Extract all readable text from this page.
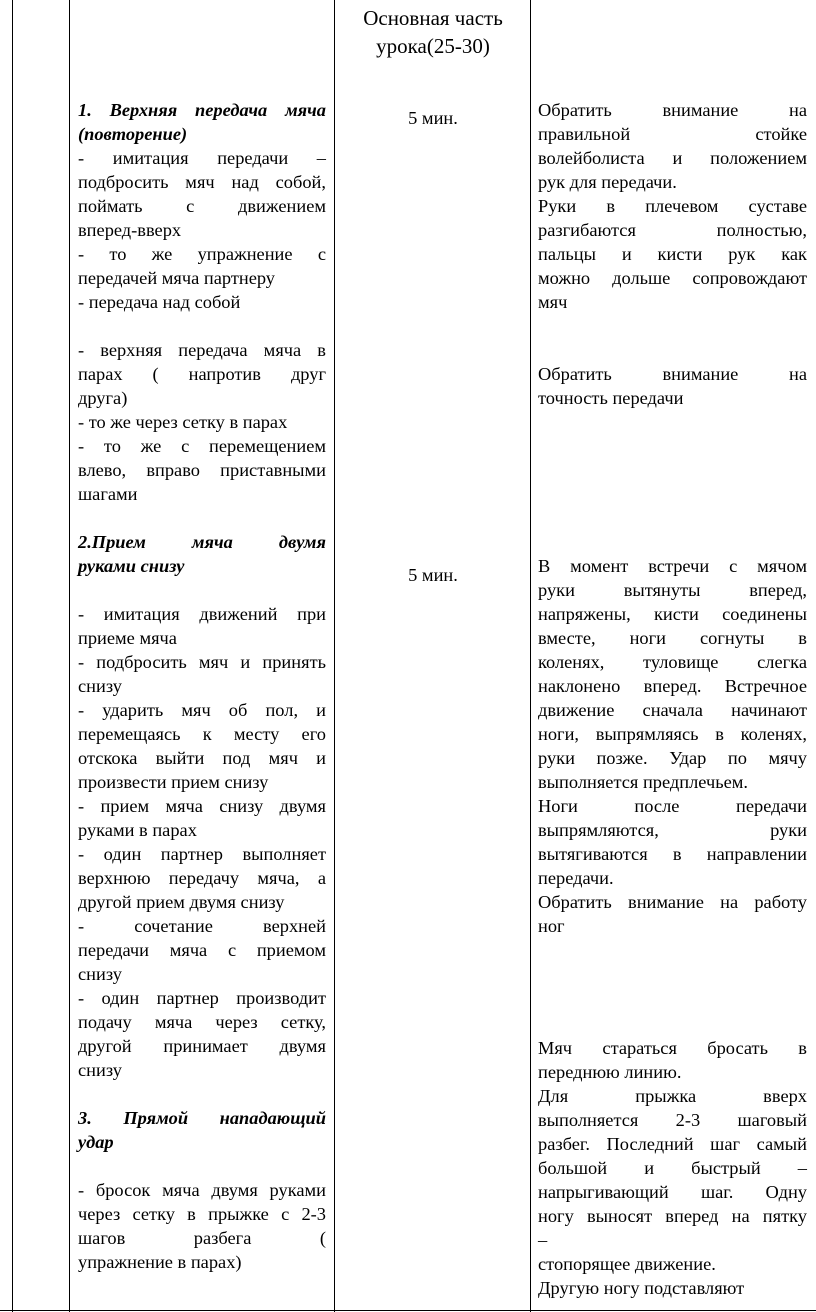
Основная часть

урока(25-30)

5 мин.

5 мин.

1. Верхняя передача мяча

(повторение)

- имитация передачи –

подбросить мяч над собой,

поймать с движением

вперед-вверх

- то же упражнение с

передачей мяча партнеру

- передача над собой

- верхняя передача мяча в

парах ( напротив друг

друга)

- то же через сетку в парах

- то же с перемещением

влево, вправо приставными

шагами

2.Прием мяча двумя

руками снизу

- имитация движений при

приеме мяча

- подбросить мяч и принять

снизу

- ударить мяч об пол, и

перемещаясь к месту его

отскока выйти под мяч и

произвести прием снизу

- прием мяча снизу двумя

руками в парах

- один партнер выполняет

верхнюю передачу мяча, а

другой прием двумя снизу

- сочетание верхней

передачи мяча с приемом

снизу

- один партнер производит

подачу мяча через сетку,

другой принимает двумя

снизу

3. Прямой нападающий

удар

- бросок мяча двумя руками

через сетку в прыжке с 2-3

шагов разбега (

упражнение в парах)

Обратить внимание на

правильной стойке

волейболиста и положением

рук для передачи.

Руки в плечевом суставе

разгибаются полностью,

пальцы и кисти рук как

можно дольше сопровождают

мяч

Обратить внимание на

точность передачи

В момент встречи с мячом

руки вытянуты вперед,

напряжены, кисти соединены

вместе, ноги согнуты в

коленях, туловище слегка

наклонено вперед. Встречное

движение сначала начинают

ноги, выпрямляясь в коленях,

руки позже. Удар по мячу

выполняется предплечьем.

Ноги после передачи

выпрямляются, руки

вытягиваются в направлении

передачи.

Обратить внимание на работу

ног

Мяч стараться бросать в

переднюю линию.

Для прыжка вверх

выполняется 2-3 шаговый

разбег. Последний шаг самый

большой и быстрый –

напрыгивающий шаг. Одну

ногу выносят вперед на пятку

–

стопорящее движение.

Другую ногу подставляют
